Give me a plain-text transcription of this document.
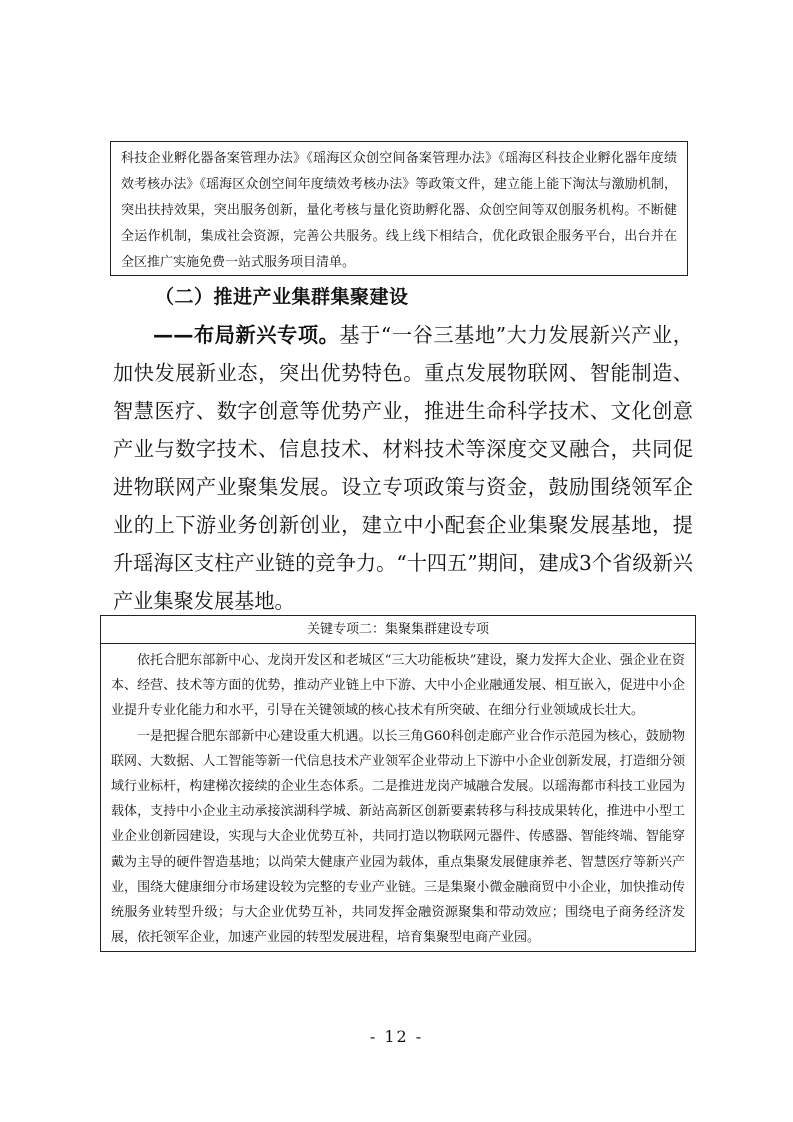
科技企业孵化器备案管理办法》《瑶海区众创空间备案管理办法》《瑶海区科技企业孵化器年度绩效考核办法》《瑶海区众创空间年度绩效考核办法》等政策文件，建立能上能下淘汰与激励机制，突出扶持效果，突出服务创新，量化考核与量化资助孵化器、众创空间等双创服务机构。不断健全运作机制，集成社会资源，完善公共服务。线上线下相结合，优化政银企服务平台，出台并在全区推广实施免费一站式服务项目清单。

（二）推进产业集群集聚建设

——布局新兴专项。基于“一谷三基地”大力发展新兴产业，加快发展新业态，突出优势特色。重点发展物联网、智能制造、智慧医疗、数字创意等优势产业，推进生命科学技术、文化创意产业与数字技术、信息技术、材料技术等深度交叉融合，共同促进物联网产业聚集发展。设立专项政策与资金，鼓励围绕领军企业的上下游业务创新创业，建立中小配套企业集聚发展基地，提升瑶海区支柱产业链的竞争力。“十四五”期间，建成3个省级新兴产业集聚发展基地。

关键专项二：集聚集群建设专项

依托合肥东部新中心、龙岗开发区和老城区“三大功能板块”建设，聚力发挥大企业、强企业在资本、经营、技术等方面的优势，推动产业链上中下游、大中小企业融通发展、相互嵌入，促进中小企业提升专业化能力和水平，引导在关键领域的核心技术有所突破、在细分行业领域成长壮大。

一是把握合肥东部新中心建设重大机遇。以长三角G60科创走廊产业合作示范园为核心，鼓励物联网、大数据、人工智能等新一代信息技术产业领军企业带动上下游中小企业创新发展，打造细分领域行业标杆，构建梯次接续的企业生态体系。二是推进龙岗产城融合发展。以瑶海都市科技工业园为载体，支持中小企业主动承接滨湖科学城、新站高新区创新要素转移与科技成果转化，推进中小型工业企业创新园建设，实现与大企业优势互补，共同打造以物联网元器件、传感器、智能终端、智能穿戴为主导的硬件智造基地；以尚荣大健康产业园为载体，重点集聚发展健康养老、智慧医疗等新兴产业，围绕大健康细分市场建设较为完整的专业产业链。三是集聚小微金融商贸中小企业，加快推动传统服务业转型升级；与大企业优势互补，共同发挥金融资源聚集和带动效应；围绕电子商务经济发展，依托领军企业，加速产业园的转型发展进程，培育集聚型电商产业园。

- 12 -
